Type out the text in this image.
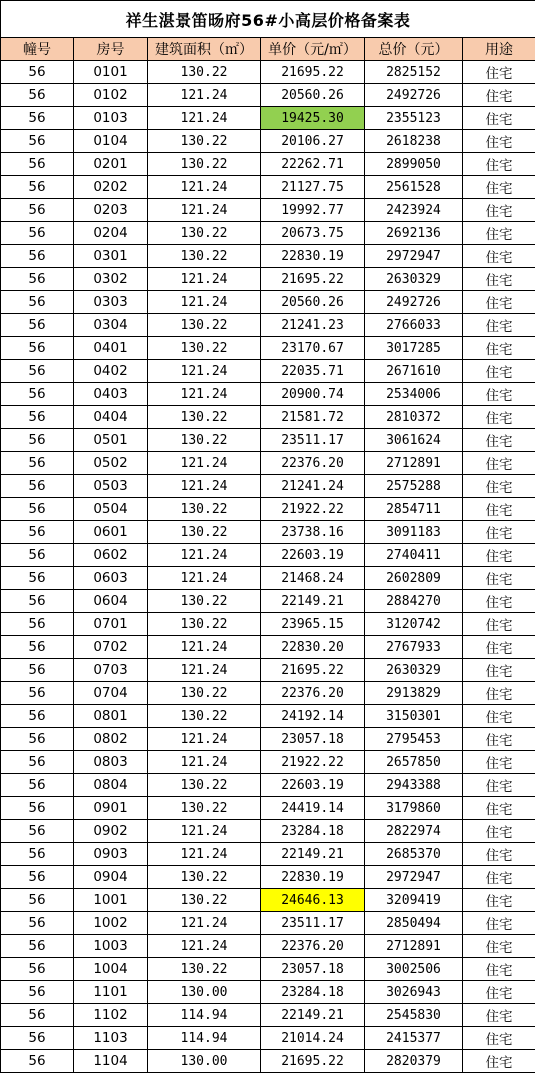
祥生湛景笛旸府56#小高层价格备案表					
幢号	房号	建筑面积（㎡）	单价（元/㎡）	总价（元）	用途
56	0101	130.22	21695.22	2825152	住宅
56	0102	121.24	20560.26	2492726	住宅
56	0103	121.24	19425.30	2355123	住宅
56	0104	130.22	20106.27	2618238	住宅
56	0201	130.22	22262.71	2899050	住宅
56	0202	121.24	21127.75	2561528	住宅
56	0203	121.24	19992.77	2423924	住宅
56	0204	130.22	20673.75	2692136	住宅
56	0301	130.22	22830.19	2972947	住宅
56	0302	121.24	21695.22	2630329	住宅
56	0303	121.24	20560.26	2492726	住宅
56	0304	130.22	21241.23	2766033	住宅
56	0401	130.22	23170.67	3017285	住宅
56	0402	121.24	22035.71	2671610	住宅
56	0403	121.24	20900.74	2534006	住宅
56	0404	130.22	21581.72	2810372	住宅
56	0501	130.22	23511.17	3061624	住宅
56	0502	121.24	22376.20	2712891	住宅
56	0503	121.24	21241.24	2575288	住宅
56	0504	130.22	21922.22	2854711	住宅
56	0601	130.22	23738.16	3091183	住宅
56	0602	121.24	22603.19	2740411	住宅
56	0603	121.24	21468.24	2602809	住宅
56	0604	130.22	22149.21	2884270	住宅
56	0701	130.22	23965.15	3120742	住宅
56	0702	121.24	22830.20	2767933	住宅
56	0703	121.24	21695.22	2630329	住宅
56	0704	130.22	22376.20	2913829	住宅
56	0801	130.22	24192.14	3150301	住宅
56	0802	121.24	23057.18	2795453	住宅
56	0803	121.24	21922.22	2657850	住宅
56	0804	130.22	22603.19	2943388	住宅
56	0901	130.22	24419.14	3179860	住宅
56	0902	121.24	23284.18	2822974	住宅
56	0903	121.24	22149.21	2685370	住宅
56	0904	130.22	22830.19	2972947	住宅
56	1001	130.22	24646.13	3209419	住宅
56	1002	121.24	23511.17	2850494	住宅
56	1003	121.24	22376.20	2712891	住宅
56	1004	130.22	23057.18	3002506	住宅
56	1101	130.00	23284.18	3026943	住宅
56	1102	114.94	22149.21	2545830	住宅
56	1103	114.94	21014.24	2415377	住宅
56	1104	130.00	21695.22	2820379	住宅
